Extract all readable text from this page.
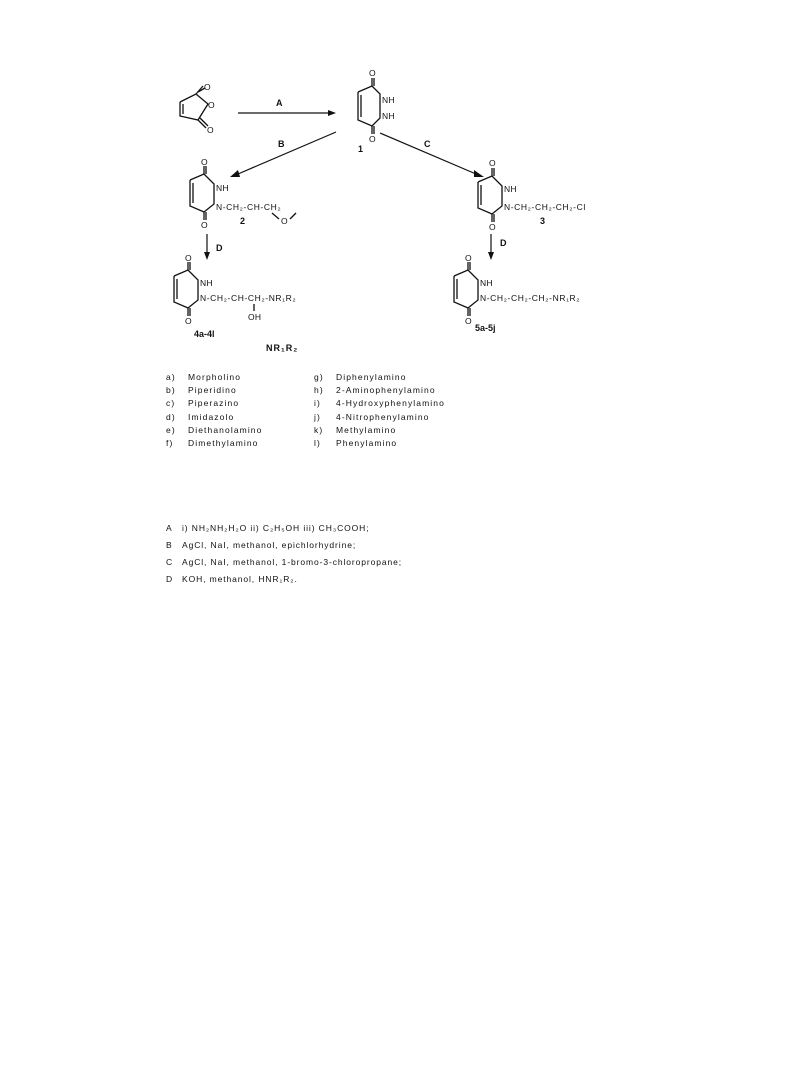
O
O
O
A
O
NH
NH
O
1
B	C
O
NH
N-CH₂-CH-CH₂
O	O
2
O
NH
N-CH₂-CH₂-CH₂-Cl
O
3
D	D
O
NH
N-CH₂-CH-CH₂-NR₁R₂
OH
O
4a-4l
O
NH
N-CH₂-CH₂-CH₂-NR₁R₂
O
5a-5j
NR₁R₂
a)	Morpholino
b)	Piperidino
c)	Piperazino
d)	Imidazolo
e)	Diethanolamino
f)	Dimethylamino
g)	Diphenylamino
h)	2-Aminophenylamino
i)	4-Hydroxyphenylamino
j)	4-Nitrophenylamino
k)	Methylamino
l)	Phenylamino
A	i) NH₂NH₂H₂O ii) C₂H₅OH iii) CH₃COOH;
B	AgCl, NaI, methanol, epichlorhydrine;
C	AgCl, NaI, methanol, 1-bromo-3-chloropropane;
D	KOH, methanol, HNR₁R₂.
